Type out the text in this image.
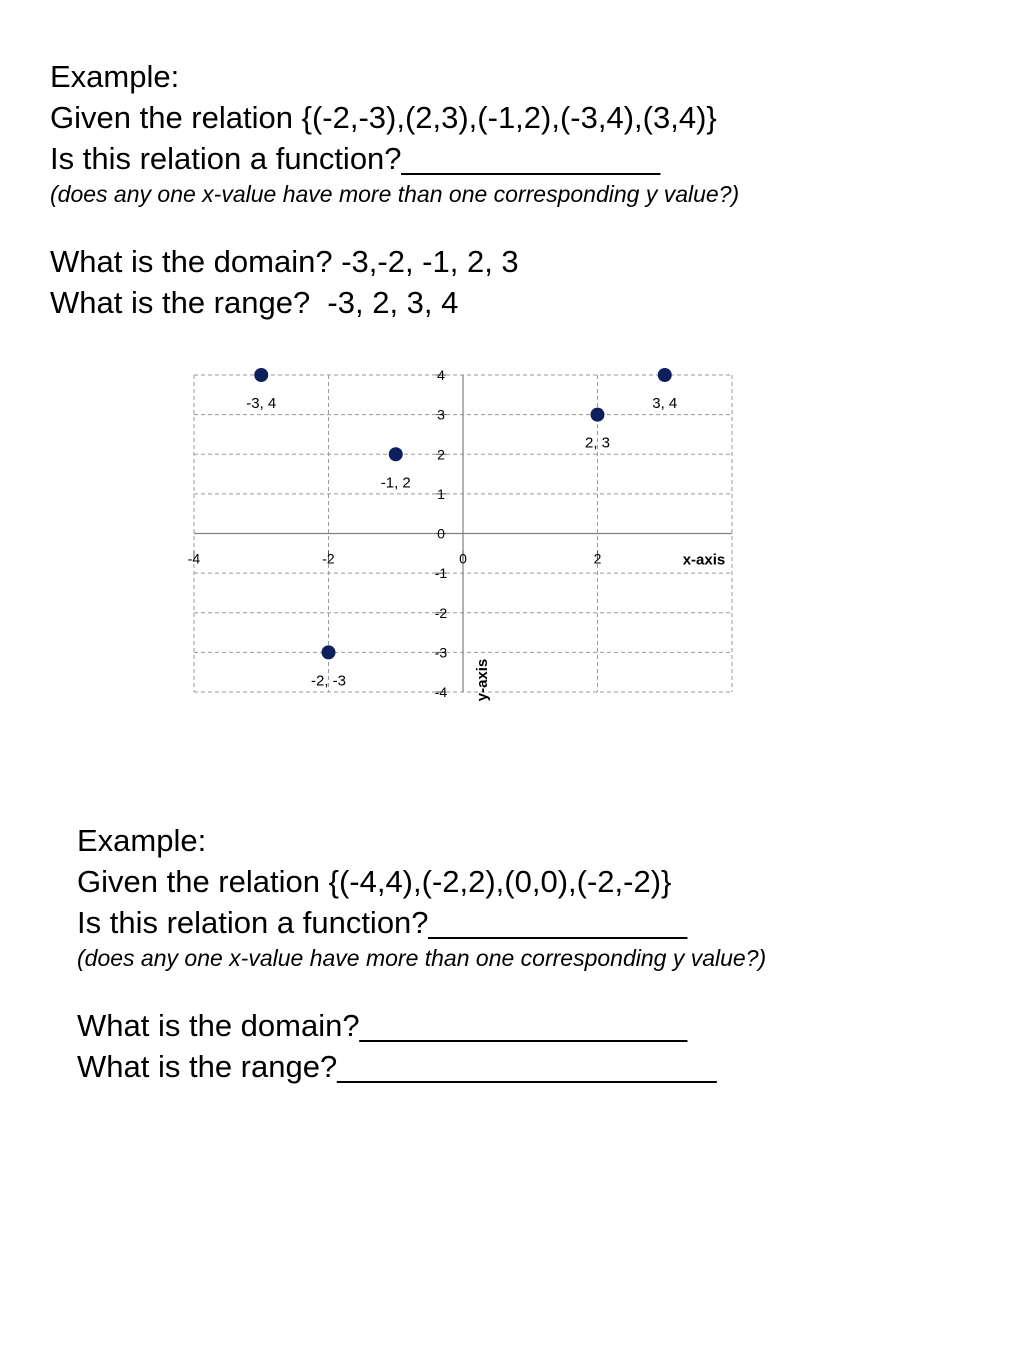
Example:

Given the relation {(-2,-3),(2,3),(-1,2),(-3,4),(3,4)}

Is this relation a function?_______________

(does any one x-value have more than one corresponding y value?)

What is the domain? -3,-2, -1, 2, 3

What is the range?  -3, 2, 3, 4

4
3
2
1
0
-1
-2
-3
-4
-4	-2	0	2	x-axis
y-axis
-3, 4	3, 4
2, 3
-1, 2
-2, -3

Example:

Given the relation {(-4,4),(-2,2),(0,0),(-2,-2)}

Is this relation a function?_______________

(does any one x-value have more than one corresponding y value?)

What is the domain?___________________

What is the range?______________________
